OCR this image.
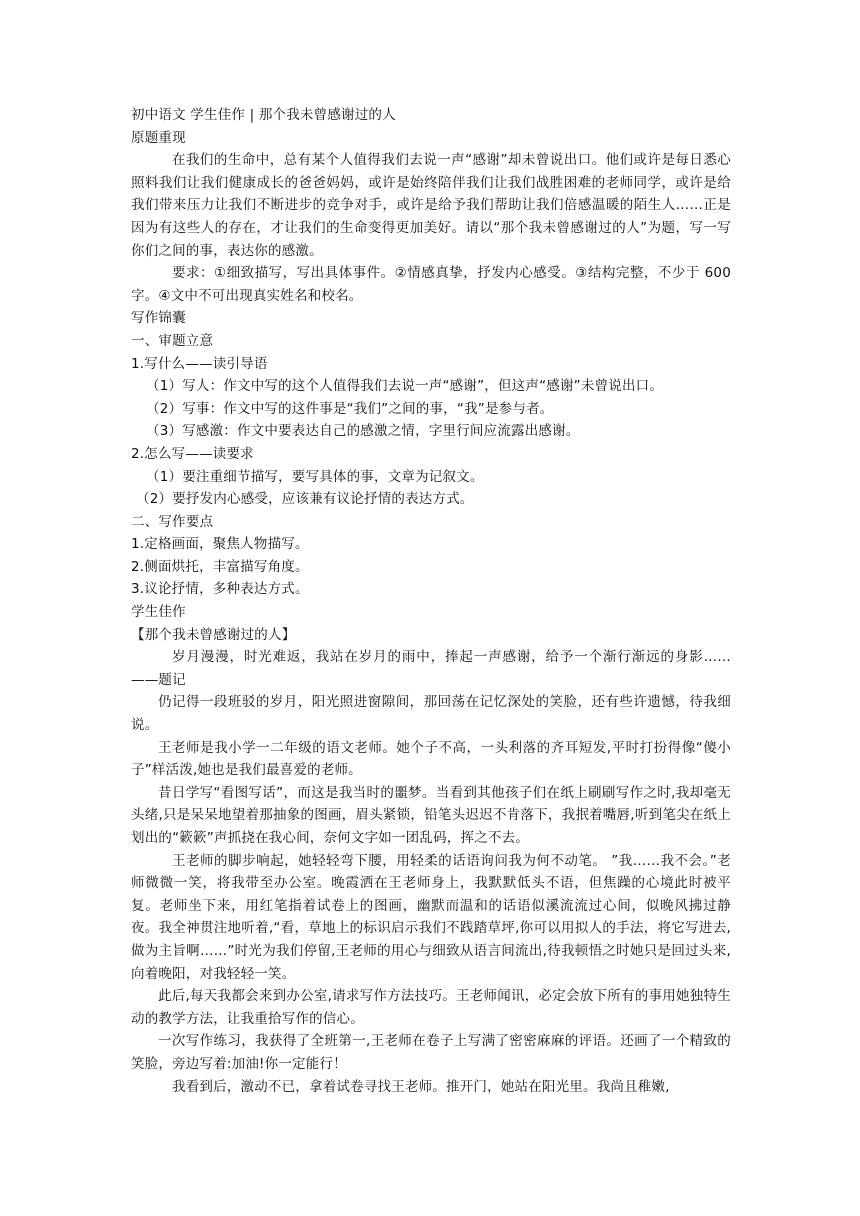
初中语文 学生佳作 | 那个我未曾感谢过的人

原题重现

在我们的生命中，总有某个人值得我们去说一声“感谢”却未曾说出口。他们或许是每日悉心照料我们让我们健康成长的爸爸妈妈，或许是始终陪伴我们让我们战胜困难的老师同学，或许是给我们带来压力让我们不断进步的竞争对手，或许是给予我们帮助让我们倍感温暖的陌生人……正是因为有这些人的存在，才让我们的生命变得更加美好。请以“那个我未曾感谢过的人”为题，写一写你们之间的事，表达你的感激。

要求：①细致描写，写出具体事件。②情感真挚，抒发内心感受。③结构完整，不少于 600 字。④文中不可出现真实姓名和校名。

写作锦囊

一、审题立意

1.写什么——读引导语

（1）写人：作文中写的这个人值得我们去说一声“感谢”，但这声“感谢”未曾说出口。

（2）写事：作文中写的这件事是“我们”之间的事，“我”是参与者。

（3）写感激：作文中要表达自己的感激之情，字里行间应流露出感谢。

2.怎么写——读要求

（1）要注重细节描写，要写具体的事，文章为记叙文。

（2）要抒发内心感受，应该兼有议论抒情的表达方式。

二、写作要点

1.定格画面，聚焦人物描写。

2.侧面烘托，丰富描写角度。

3.议论抒情，多种表达方式。

学生佳作

【那个我未曾感谢过的人】

岁月漫漫，时光难返，我站在岁月的雨中，捧起一声感谢，给予一个渐行渐远的身影……——题记

仍记得一段班驳的岁月，阳光照进窗隙间，那回荡在记忆深处的笑脸，还有些许遗憾，待我细说。

王老师是我小学一二年级的语文老师。她个子不高，一头利落的齐耳短发,平时打扮得像“傻小子”样活泼,她也是我们最喜爱的老师。

昔日学写“看图写话”，而这是我当时的噩梦。当看到其他孩子们在纸上刷刷写作之时,我却毫无头绪,只是呆呆地望着那抽象的图画，眉头紧锁，铅笔头迟迟不肯落下，我抿着嘴唇,听到笔尖在纸上划出的“簌簌”声抓挠在我心间，奈何文字如一团乱码，挥之不去。

王老师的脚步响起，她轻轻弯下腰，用轻柔的话语询问我为何不动笔。 ”我……我不会。”老师微微一笑，将我带至办公室。晚霞洒在王老师身上，我默默低头不语，但焦躁的心境此时被平复。老师坐下来，用红笔指着试卷上的图画，幽默而温和的话语似溪流流过心间，似晚风拂过静夜。我全神贯注地听着,“看，草地上的标识启示我们不践踏草坪,你可以用拟人的手法，将它写进去,做为主旨啊……”时光为我们停留,王老师的用心与细致从语言间流出,待我顿悟之时她只是回过头来,向着晚阳，对我轻轻一笑。

此后,每天我都会来到办公室,请求写作方法技巧。王老师闻讯，必定会放下所有的事用她独特生动的教学方法，让我重拾写作的信心。

一次写作练习，我获得了全班第一,王老师在卷子上写满了密密麻麻的评语。还画了一个精致的笑脸，旁边写着:加油!你一定能行！

我看到后，激动不已，拿着试卷寻找王老师。推开门，她站在阳光里。我尚且稚嫩,
